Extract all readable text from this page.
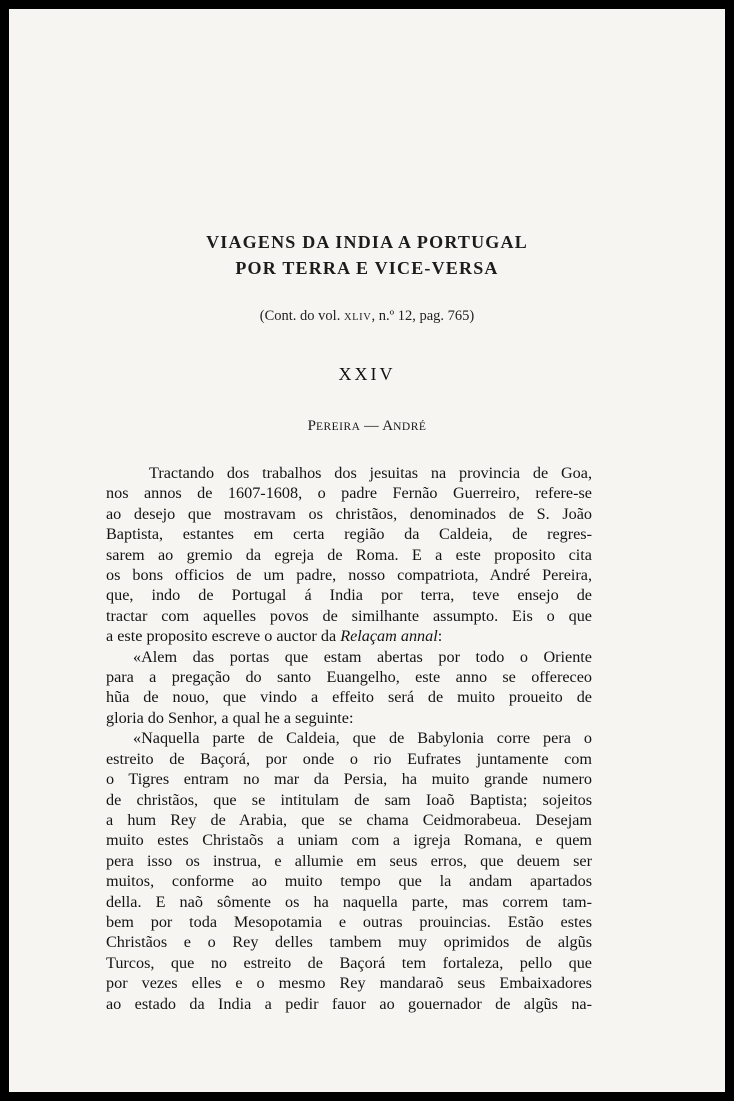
VIAGENS DA INDIA A PORTUGAL
POR TERRA E VICE-VERSA
(Cont. do vol. XLIV, n.º 12, pag. 765)
XXIV
PEREIRA — ANDRÉ
Tractando dos trabalhos dos jesuitas na provincia de Goa,
nos annos de 1607-1608, o padre Fernão Guerreiro, refere-se
ao desejo que mostravam os christãos, denominados de S. João
Baptista, estantes em certa região da Caldeia, de regres-
sarem ao gremio da egreja de Roma. E a este proposito cita
os bons officios de um padre, nosso compatriota, André Pereira,
que, indo de Portugal á India por terra, teve ensejo de
tractar com aquelles povos de similhante assumpto. Eis o que
a este proposito escreve o auctor da Relaçam annal:
«Alem das portas que estam abertas por todo o Oriente
para a pregação do santo Euangelho, este anno se offereceo
hũa de nouo, que vindo a effeito será de muito proueito de
gloria do Senhor, a qual he a seguinte:
«Naquella parte de Caldeia, que de Babylonia corre pera o
estreito de Baçorá, por onde o rio Eufrates juntamente com
o Tigres entram no mar da Persia, ha muito grande numero
de christãos, que se intitulam de sam Ioaõ Baptista; sojeitos
a hum Rey de Arabia, que se chama Ceidmorabeua. Desejam
muito estes Christaõs a uniam com a igreja Romana, e quem
pera isso os instrua, e allumie em seus erros, que deuem ser
muitos, conforme ao muito tempo que la andam apartados
della. E naõ sômente os ha naquella parte, mas correm tam-
bem por toda Mesopotamia e outras prouincias. Estão estes
Christãos e o Rey delles tambem muy oprimidos de algũs
Turcos, que no estreito de Baçorá tem fortaleza, pello que
por vezes elles e o mesmo Rey mandaraõ seus Embaixadores
ao estado da India a pedir fauor ao gouernador de algũs na-
